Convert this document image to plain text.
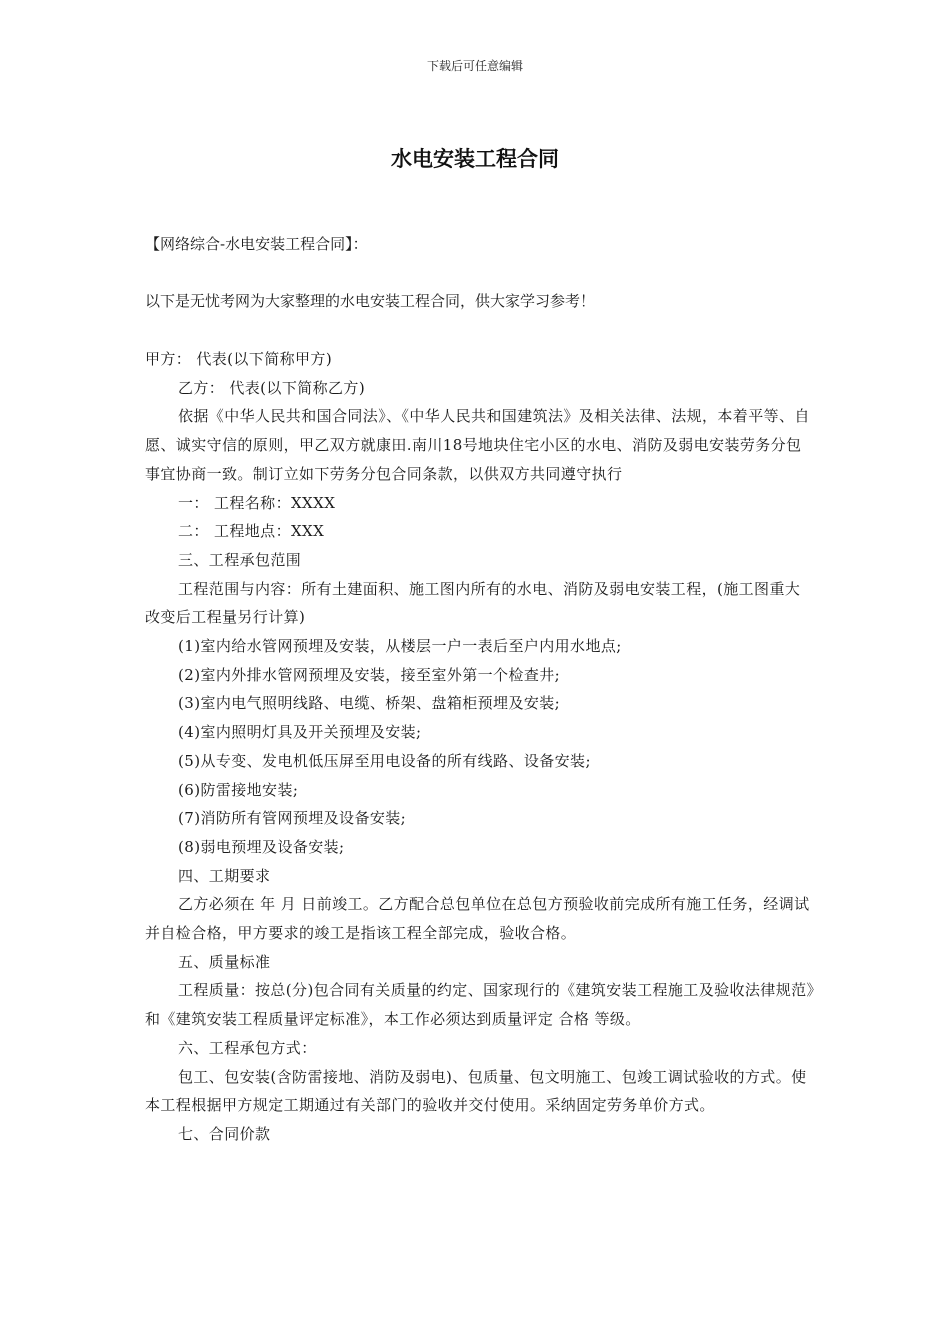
下载后可任意编辑
水电安装工程合同
【网络综合-水电安装工程合同】：
以下是无忧考网为大家整理的水电安装工程合同，供大家学习参考！

甲方： 代表(以下简称甲方)

乙方： 代表(以下简称乙方)

依据《中华人民共和国合同法》、《中华人民共和国建筑法》及相关法律、法规，本着平等、自愿、诚实守信的原则，甲乙双方就康田.南川18号地块住宅小区的水电、消防及弱电安装劳务分包事宜协商一致。制订立如下劳务分包合同条款，以供双方共同遵守执行

一： 工程名称：XXXX

二： 工程地点：XXX

三、工程承包范围

工程范围与内容：所有土建面积、施工图内所有的水电、消防及弱电安装工程，(施工图重大改变后工程量另行计算)

(1)室内给水管网预埋及安装，从楼层一户一表后至户内用水地点;

(2)室内外排水管网预埋及安装，接至室外第一个检查井;

(3)室内电气照明线路、电缆、桥架、盘箱柜预埋及安装;

(4)室内照明灯具及开关预埋及安装;

(5)从专变、发电机低压屏至用电设备的所有线路、设备安装;

(6)防雷接地安装;

(7)消防所有管网预埋及设备安装;

(8)弱电预埋及设备安装;

四、工期要求

乙方必须在 年 月 日前竣工。乙方配合总包单位在总包方预验收前完成所有施工任务，经调试并自检合格，甲方要求的竣工是指该工程全部完成，验收合格。

五、质量标准

工程质量：按总(分)包合同有关质量的约定、国家现行的《建筑安装工程施工及验收法律规范》和《建筑安装工程质量评定标准》，本工作必须达到质量评定 合格 等级。

六、工程承包方式：

包工、包安装(含防雷接地、消防及弱电)、包质量、包文明施工、包竣工调试验收的方式。使本工程根据甲方规定工期通过有关部门的验收并交付使用。采纳固定劳务单价方式。

七、合同价款
